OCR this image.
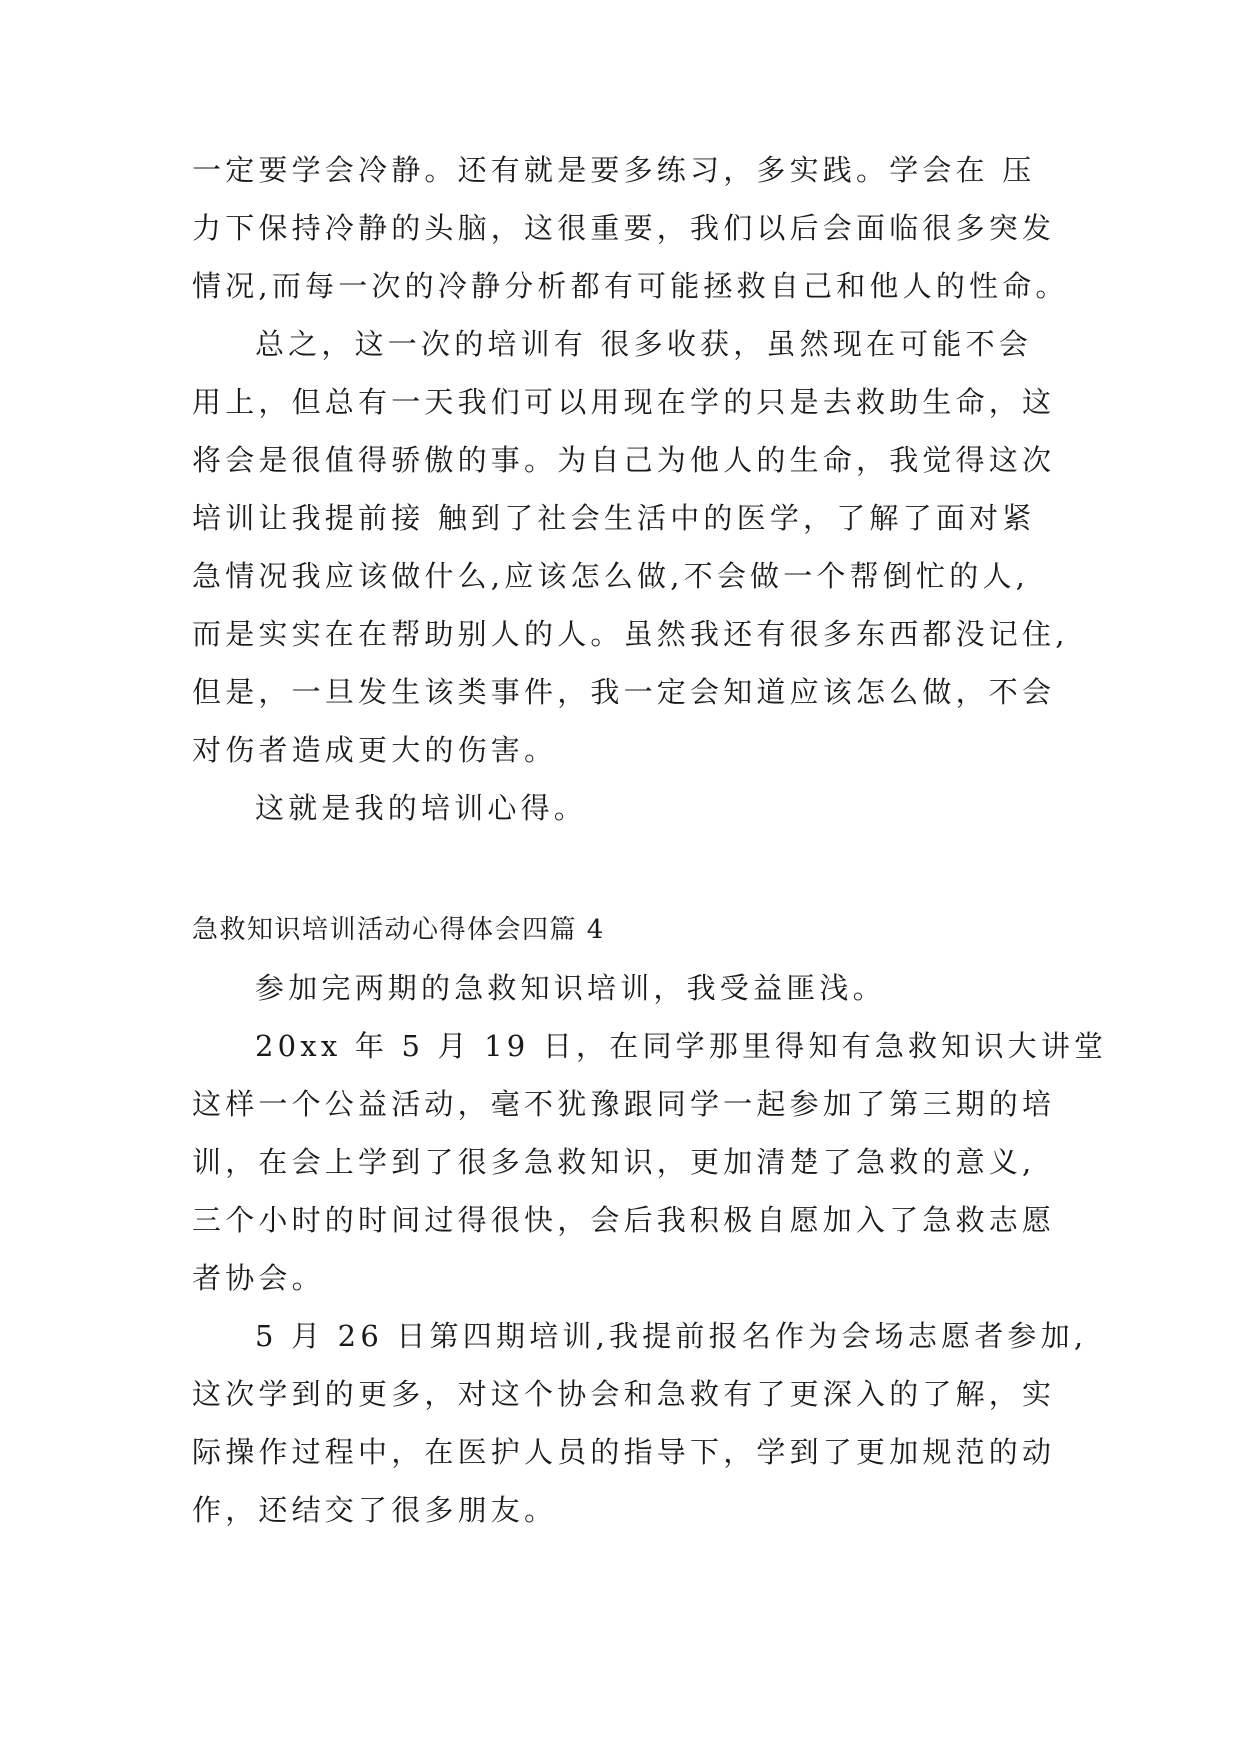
一定要学会冷静。还有就是要多练习，多实践。学会在 压
力下保持冷静的头脑，这很重要，我们以后会面临很多突发
情况,而每一次的冷静分析都有可能拯救自己和他人的性命。
总之，这一次的培训有 很多收获，虽然现在可能不会
用上，但总有一天我们可以用现在学的只是去救助生命，这
将会是很值得骄傲的事。为自己为他人的生命，我觉得这次
培训让我提前接 触到了社会生活中的医学，了解了面对紧
急情况我应该做什么,应该怎么做,不会做一个帮倒忙的人,
而是实实在在帮助别人的人。虽然我还有很多东西都没记住,
但是，一旦发生该类事件，我一定会知道应该怎么做，不会
对伤者造成更大的伤害。
这就是我的培训心得。
急救知识培训活动心得体会四篇 4
参加完两期的急救知识培训，我受益匪浅。
20xx 年 5 月 19 日，在同学那里得知有急救知识大讲堂
这样一个公益活动，毫不犹豫跟同学一起参加了第三期的培
训，在会上学到了很多急救知识，更加清楚了急救的意义,
三个小时的时间过得很快，会后我积极自愿加入了急救志愿
者协会。
5 月 26 日第四期培训,我提前报名作为会场志愿者参加,
这次学到的更多，对这个协会和急救有了更深入的了解，实
际操作过程中，在医护人员的指导下，学到了更加规范的动
作，还结交了很多朋友。
